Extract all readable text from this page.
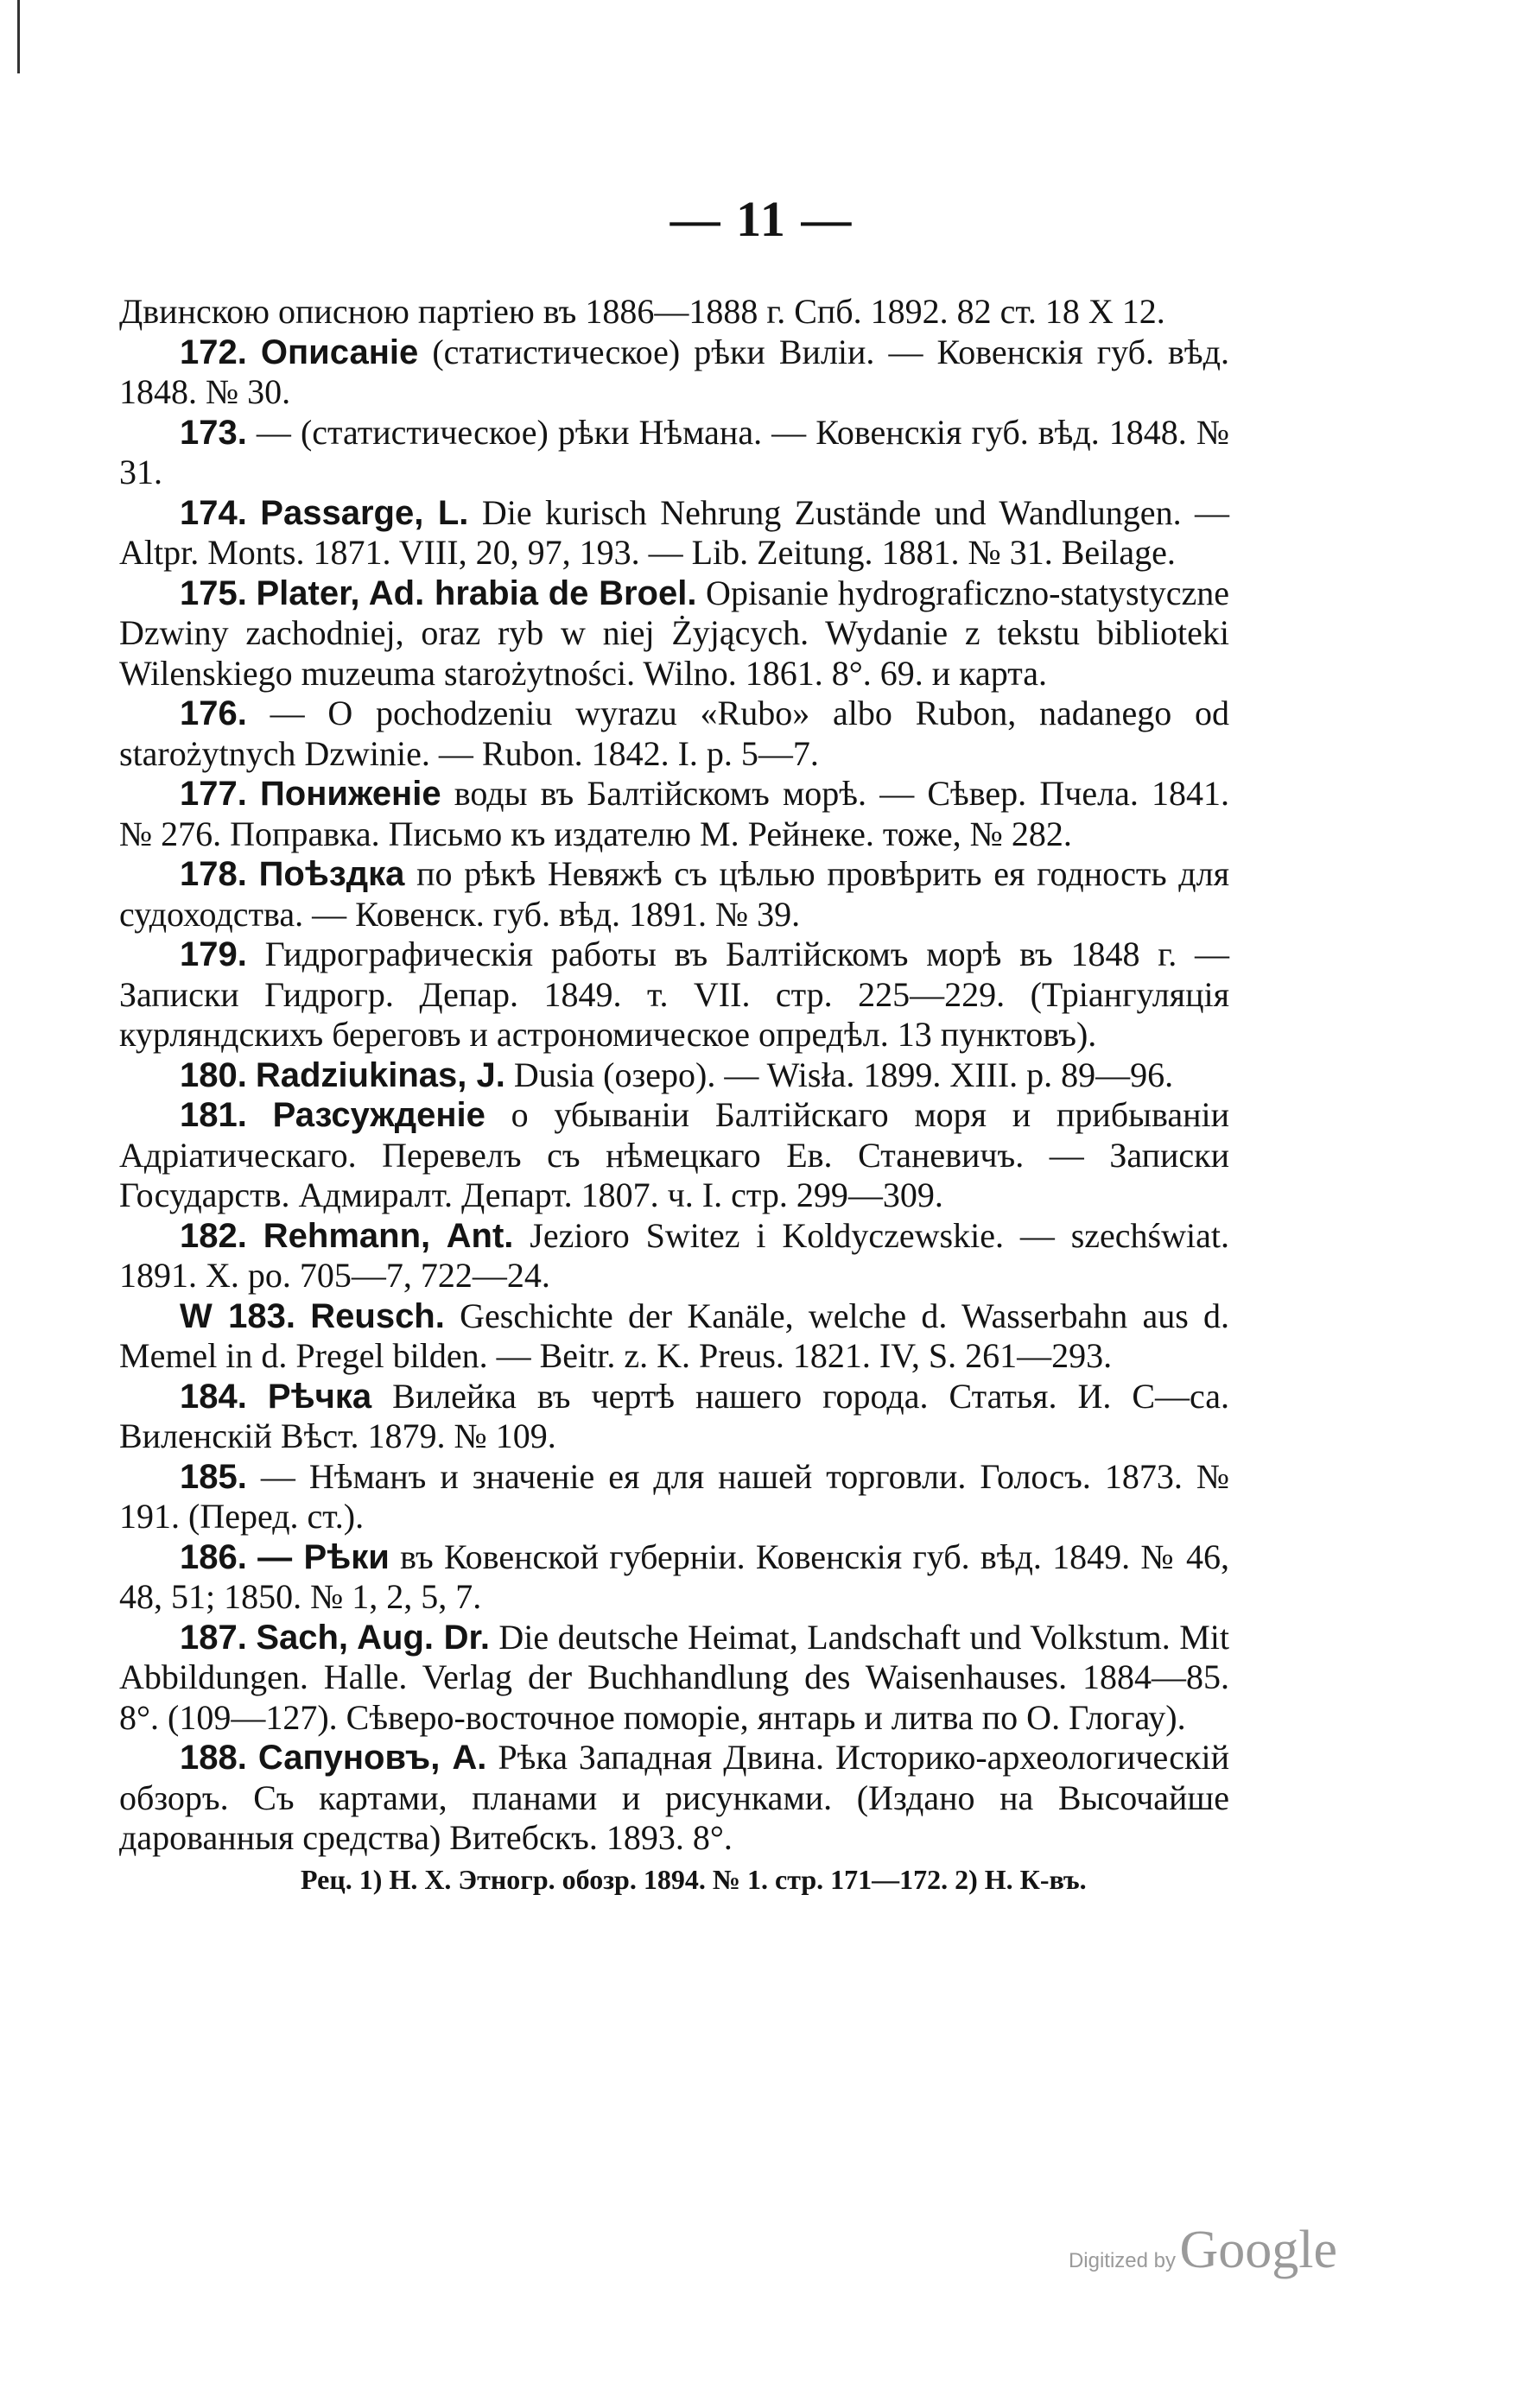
— 11 —

Двинскою описною партіею въ 1886—1888 г. Спб. 1892. 82 ст. 18 X 12.

172. Описаніе (статистическое) рѣки Виліи. — Ковенскія губ. вѣд. 1848. № 30.

173. — (статистическое) рѣки Нѣмана. — Ковенскія губ. вѣд. 1848. № 31.

174. Passarge, L. Die kurisch Nehrung Zustände und Wandlungen. — Altpr. Monts. 1871. VIII, 20, 97, 193. — Lib. Zeitung. 1881. № 31. Beilage.

175. Plater, Ad. hrabia de Broel. Opisanie hydrograficzno-statystyczne Dzwiny zachodniej, oraz ryb w niej Żyjących. Wydanie z tekstu biblioteki Wilenskiego muzeuma starożytności. Wilno. 1861. 8°. 69. и карта.

176. — O pochodzeniu wyrazu «Rubo» albo Rubon, nadanego od starożytnych Dzwinie. — Rubon. 1842. I. p. 5—7.

177. Пониженіе воды въ Балтійскомъ морѣ. — Сѣвер. Пчела. 1841. № 276. Поправка. Письмо къ издателю М. Рейнеке. тоже, № 282.

178. Поѣздка по рѣкѣ Невяжѣ съ цѣлью провѣрить ея годность для судоходства. — Ковенск. губ. вѣд. 1891. № 39.

179. Гидрографическія работы въ Балтійскомъ морѣ въ 1848 г. — Записки Гидрогр. Депар. 1849. т. VII. стр. 225—229. (Тріангуляція курляндскихъ береговъ и астрономическое опредѣл. 13 пунктовъ).

180. Radziukinas, J. Dusia (озеро). — Wisła. 1899. XIII. p. 89—96.

181. Разсужденіе о убываніи Балтійскаго моря и прибываніи Адріатическаго. Перевелъ съ нѣмецкаго Ев. Станевичъ. — Записки Государств. Адмиралт. Департ. 1807. ч. I. стр. 299—309.

182. Rehmann, Ant. Jezioro Switez i Koldyczewskie. — szechświat. 1891. X. po. 705—7, 722—24.

W 183. Reusch. Geschichte der Kanäle, welche d. Wasserbahn aus d. Memel in d. Pregel bilden. — Beitr. z. K. Preus. 1821. IV, S. 261—293.

184. Рѣчка Вилейка въ чертѣ нашего города. Статья. И. С—са. Виленскій Вѣст. 1879. № 109.

185. — Нѣманъ и значеніе ея для нашей торговли. Голосъ. 1873. № 191. (Перед. ст.).

186. — Рѣки въ Ковенской губерніи. Ковенскія губ. вѣд. 1849. № 46, 48, 51; 1850. № 1, 2, 5, 7.

187. Sach, Aug. Dr. Die deutsche Heimat, Landschaft und Volkstum. Mit Abbildungen. Halle. Verlag der Buchhandlung des Waisenhauses. 1884—85. 8°. (109—127). Сѣверо-восточное поморіе, янтарь и литва по О. Глогау).

188. Сапуновъ, А. Рѣка Западная Двина. Историко-археологическій обзоръ. Съ картами, планами и рисунками. (Издано на Высочайше дарованныя средства) Витебскъ. 1893. 8°.

Рец. 1) Н. Х. Этногр. обозр. 1894. № 1. стр. 171—172. 2) Н. К-въ.

Digitized by Google
